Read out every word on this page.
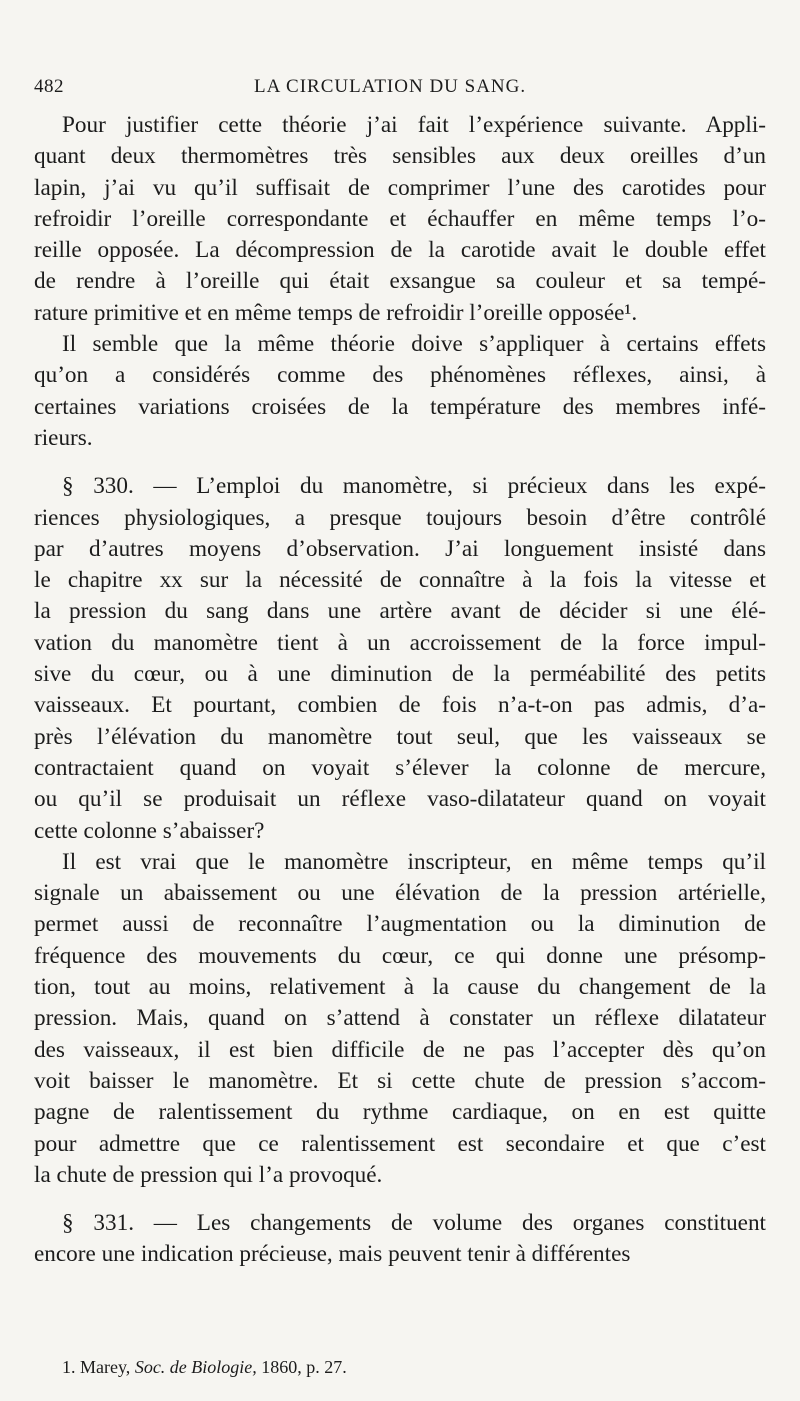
482	LA CIRCULATION DU SANG.
Pour justifier cette théorie j’ai fait l’expérience suivante. Appli-
quant deux thermomètres très sensibles aux deux oreilles d’un
lapin, j’ai vu qu’il suffisait de comprimer l’une des carotides pour
refroidir l’oreille correspondante et échauffer en même temps l’o-
reille opposée. La décompression de la carotide avait le double effet
de rendre à l’oreille qui était exsangue sa couleur et sa tempé-
rature primitive et en même temps de refroidir l’oreille opposée¹.
Il semble que la même théorie doive s’appliquer à certains effets
qu’on a considérés comme des phénomènes réflexes, ainsi, à
certaines variations croisées de la température des membres infé-
rieurs.
§ 330. — L’emploi du manomètre, si précieux dans les expé-
riences physiologiques, a presque toujours besoin d’être contrôlé
par d’autres moyens d’observation. J’ai longuement insisté dans
le chapitre xx sur la nécessité de connaître à la fois la vitesse et
la pression du sang dans une artère avant de décider si une élé-
vation du manomètre tient à un accroissement de la force impul-
sive du cœur, ou à une diminution de la perméabilité des petits
vaisseaux. Et pourtant, combien de fois n’a-t-on pas admis, d’a-
près l’élévation du manomètre tout seul, que les vaisseaux se
contractaient quand on voyait s’élever la colonne de mercure,
ou qu’il se produisait un réflexe vaso-dilatateur quand on voyait
cette colonne s’abaisser?
Il est vrai que le manomètre inscripteur, en même temps qu’il
signale un abaissement ou une élévation de la pression artérielle,
permet aussi de reconnaître l’augmentation ou la diminution de
fréquence des mouvements du cœur, ce qui donne une présomp-
tion, tout au moins, relativement à la cause du changement de la
pression. Mais, quand on s’attend à constater un réflexe dilatateur
des vaisseaux, il est bien difficile de ne pas l’accepter dès qu’on
voit baisser le manomètre. Et si cette chute de pression s’accom-
pagne de ralentissement du rythme cardiaque, on en est quitte
pour admettre que ce ralentissement est secondaire et que c’est
la chute de pression qui l’a provoqué.
§ 331. — Les changements de volume des organes constituent
encore une indication précieuse, mais peuvent tenir à différentes
1. Marey, Soc. de Biologie, 1860, p. 27.
